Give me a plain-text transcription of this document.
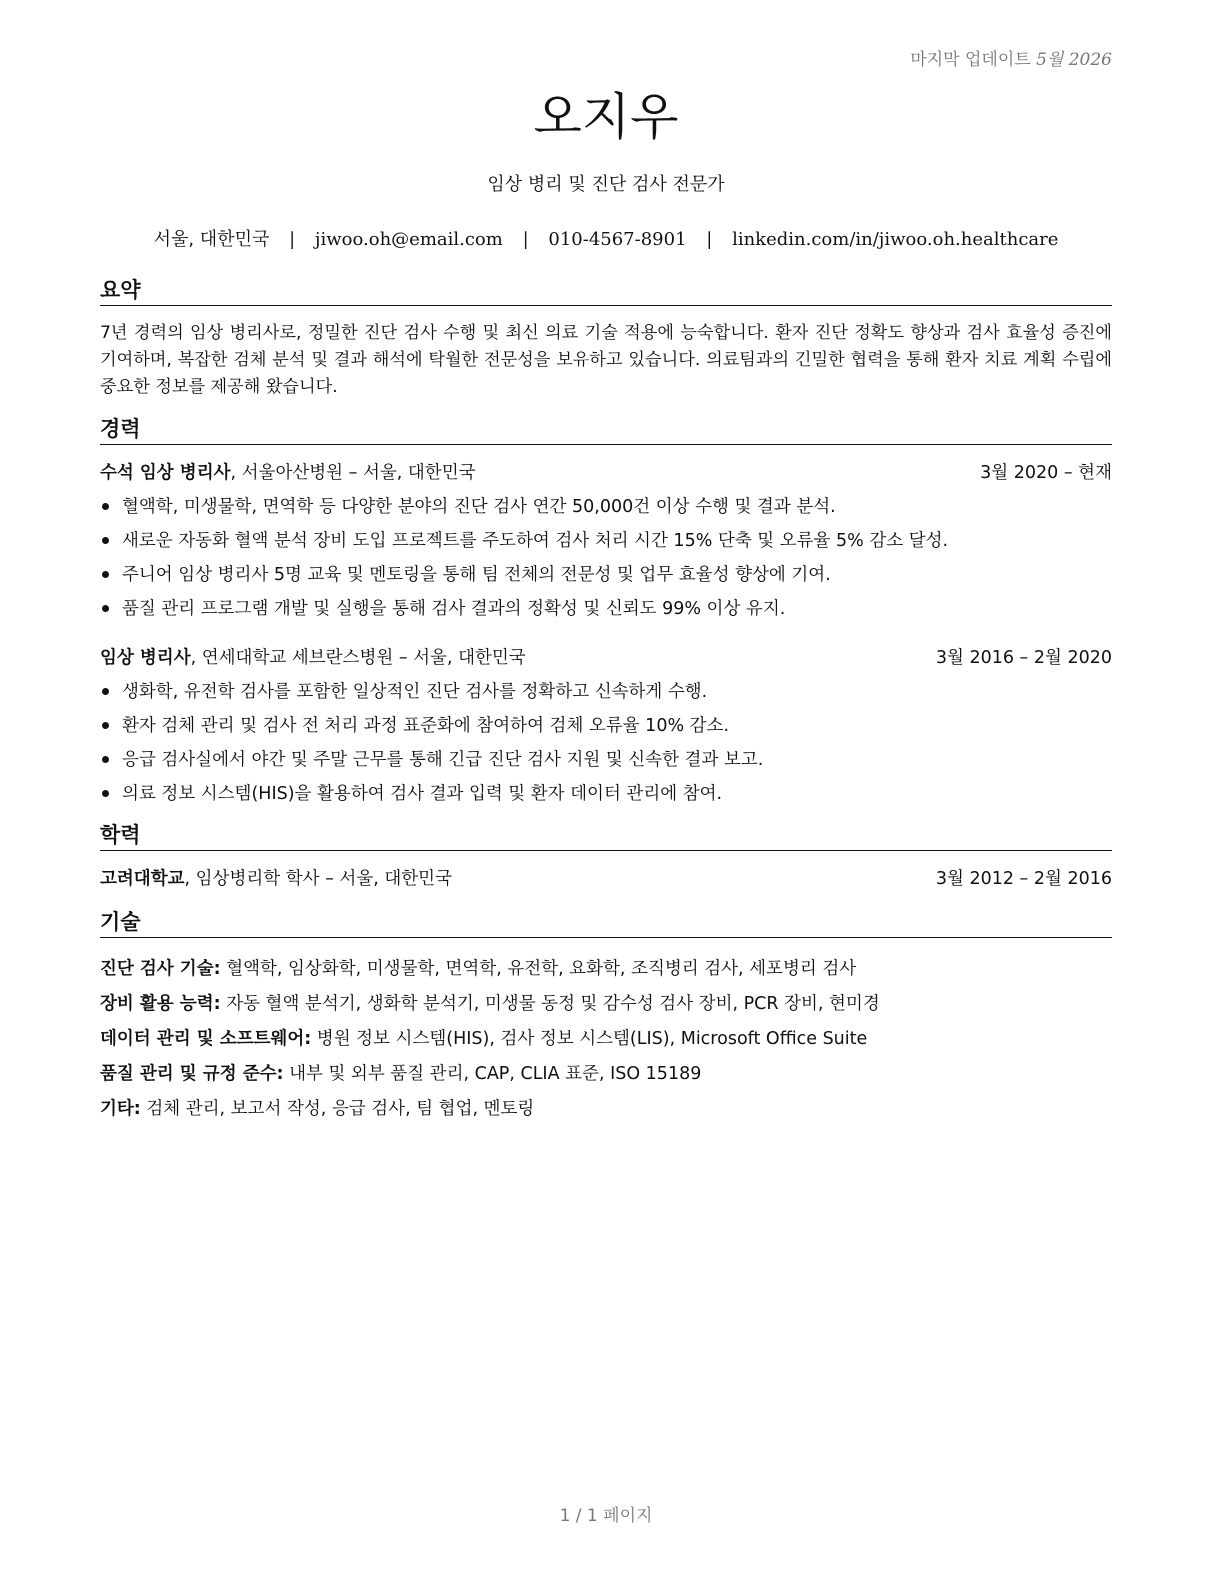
마지막 업데이트 5월 2026
오지우
임상 병리 및 진단 검사 전문가
서울, 대한민국 | jiwoo.oh@email.com | 010-4567-8901 | linkedin.com/in/jiwoo.oh.healthcare
요약

7년 경력의 임상 병리사로, 정밀한 진단 검사 수행 및 최신 의료 기술 적용에 능숙합니다. 환자 진단 정확도 향상과 검사 효율성 증진에 기여하며, 복잡한 검체 분석 및 결과 해석에 탁월한 전문성을 보유하고 있습니다. 의료팀과의 긴밀한 협력을 통해 환자 치료 계획 수립에 중요한 정보를 제공해 왔습니다.

경력
수석 임상 병리사, 서울아산병원 – 서울, 대한민국	3월 2020 – 현재
혈액학, 미생물학, 면역학 등 다양한 분야의 진단 검사 연간 50,000건 이상 수행 및 결과 분석.
새로운 자동화 혈액 분석 장비 도입 프로젝트를 주도하여 검사 처리 시간 15% 단축 및 오류율 5% 감소 달성.
주니어 임상 병리사 5명 교육 및 멘토링을 통해 팀 전체의 전문성 및 업무 효율성 향상에 기여.
품질 관리 프로그램 개발 및 실행을 통해 검사 결과의 정확성 및 신뢰도 99% 이상 유지.
임상 병리사, 연세대학교 세브란스병원 – 서울, 대한민국	3월 2016 – 2월 2020
생화학, 유전학 검사를 포함한 일상적인 진단 검사를 정확하고 신속하게 수행.
환자 검체 관리 및 검사 전 처리 과정 표준화에 참여하여 검체 오류율 10% 감소.
응급 검사실에서 야간 및 주말 근무를 통해 긴급 진단 검사 지원 및 신속한 결과 보고.
의료 정보 시스템(HIS)을 활용하여 검사 결과 입력 및 환자 데이터 관리에 참여.
학력
고려대학교, 임상병리학 학사 – 서울, 대한민국	3월 2012 – 2월 2016
기술
진단 검사 기술: 혈액학, 임상화학, 미생물학, 면역학, 유전학, 요화학, 조직병리 검사, 세포병리 검사
장비 활용 능력: 자동 혈액 분석기, 생화학 분석기, 미생물 동정 및 감수성 검사 장비, PCR 장비, 현미경
데이터 관리 및 소프트웨어: 병원 정보 시스템(HIS), 검사 정보 시스템(LIS), Microsoft Office Suite
품질 관리 및 규정 준수: 내부 및 외부 품질 관리, CAP, CLIA 표준, ISO 15189
기타: 검체 관리, 보고서 작성, 응급 검사, 팀 협업, 멘토링
1 / 1 페이지
